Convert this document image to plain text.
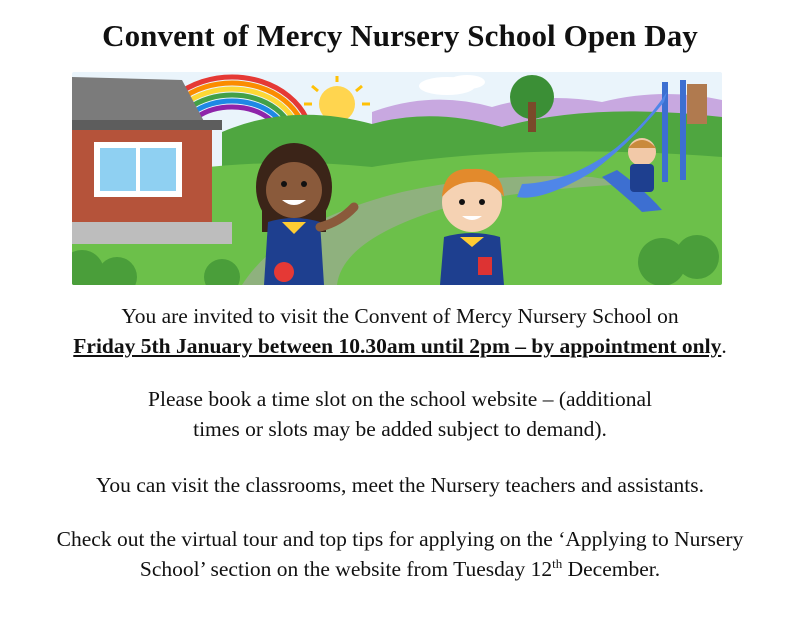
Convent of Mercy Nursery School Open Day
You are invited to visit the Convent of Mercy Nursery School on
Friday 5th January between 10.30am until 2pm – by appointment only.
Please book a time slot on the school website – (additional
times or slots may be added subject to demand).
You can visit the classrooms, meet the Nursery teachers and assistants.
Check out the virtual tour and top tips for applying on the ‘Applying to Nursery
School’ section on the website from Tuesday 12th December.
